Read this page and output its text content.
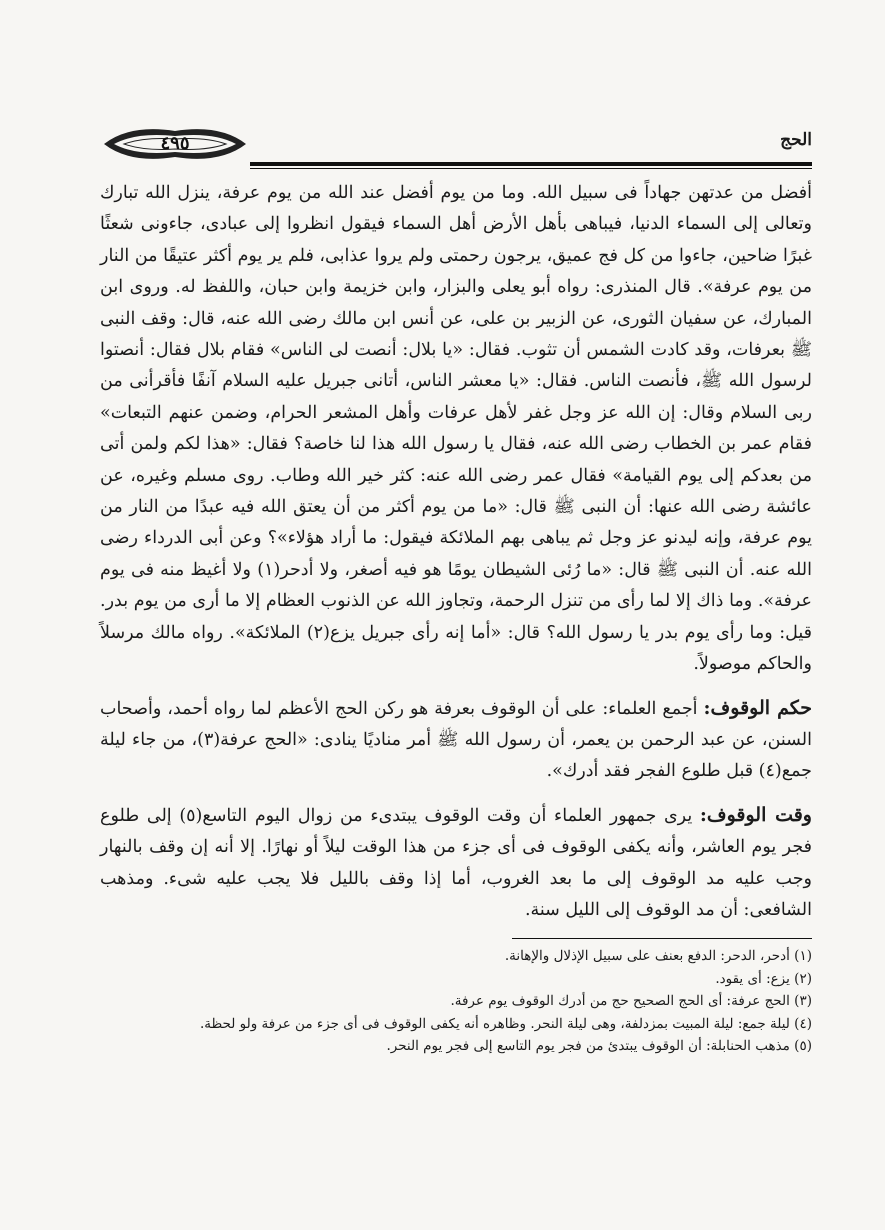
الحج
٤٩٥

أفضل من عدتهن جهاداً فى سبيل الله. وما من يوم أفضل عند الله من يوم عرفة، ينزل الله تبارك وتعالى إلى السماء الدنيا، فيباهى بأهل الأرض أهل السماء فيقول انظروا إلى عبادى، جاءونى شعثًا غبرًا ضاحين، جاءوا من كل فج عميق، يرجون رحمتى ولم يروا عذابى، فلم ير يوم أكثر عتيقًا من النار من يوم عرفة». قال المنذرى: رواه أبو يعلى والبزار، وابن خزيمة وابن حبان، واللفظ له. وروى ابن المبارك، عن سفيان الثورى، عن الزبير بن على، عن أنس ابن مالك رضى الله عنه، قال: وقف النبى ﷺ بعرفات، وقد كادت الشمس أن تثوب. فقال: «يا بلال: أنصت لى الناس» فقام بلال فقال: أنصتوا لرسول الله ﷺ، فأنصت الناس. فقال: «يا معشر الناس، أتانى جبريل عليه السلام آنفًا فأقرأنى من ربى السلام وقال: إن الله عز وجل غفر لأهل عرفات وأهل المشعر الحرام، وضمن عنهم التبعات» فقام عمر بن الخطاب رضى الله عنه، فقال يا رسول الله هذا لنا خاصة؟ فقال: «هذا لكم ولمن أتى من بعدكم إلى يوم القيامة» فقال عمر رضى الله عنه: كثر خير الله وطاب. روى مسلم وغيره، عن عائشة رضى الله عنها: أن النبى ﷺ قال: «ما من يوم أكثر من أن يعتق الله فيه عبدًا من النار من يوم عرفة، وإنه ليدنو عز وجل ثم يباهى بهم الملائكة فيقول: ما أراد هؤلاء»؟ وعن أبى الدرداء رضى الله عنه. أن النبى ﷺ قال: «ما رُئى الشيطان يومًا هو فيه أصغر، ولا أدحر(١) ولا أغيظ منه فى يوم عرفة». وما ذاك إلا لما رأى من تنزل الرحمة، وتجاوز الله عن الذنوب العظام إلا ما أرى من يوم بدر. قيل: وما رأى يوم بدر يا رسول الله؟ قال: «أما إنه رأى جبريل يزع(٢) الملائكة». رواه مالك مرسلاً والحاكم موصولاً.

حكم الوقوف: أجمع العلماء: على أن الوقوف بعرفة هو ركن الحج الأعظم لما رواه أحمد، وأصحاب السنن، عن عبد الرحمن بن يعمر، أن رسول الله ﷺ أمر مناديًا ينادى: «الحج عرفة(٣)، من جاء ليلة جمع(٤) قبل طلوع الفجر فقد أدرك».

وقت الوقوف: يرى جمهور العلماء أن وقت الوقوف يبتدىء من زوال اليوم التاسع(٥) إلى طلوع فجر يوم العاشر، وأنه يكفى الوقوف فى أى جزء من هذا الوقت ليلاً أو نهارًا. إلا أنه إن وقف بالنهار وجب عليه مد الوقوف إلى ما بعد الغروب، أما إذا وقف بالليل فلا يجب عليه شىء. ومذهب الشافعى: أن مد الوقوف إلى الليل سنة.

(١) أدحر، الدحر: الدفع بعنف على سبيل الإذلال والإهانة.
(٢) يزع: أى يقود.
(٣) الحج عرفة: أى الحج الصحيح حج من أدرك الوقوف يوم عرفة.
(٤) ليلة جمع: ليلة المبيت بمزدلفة، وهى ليلة النحر. وظاهره أنه يكفى الوقوف فى أى جزء من عرفة ولو لحظة.
(٥) مذهب الحنابلة: أن الوقوف يبتدئ من فجر يوم التاسع إلى فجر يوم النحر.
